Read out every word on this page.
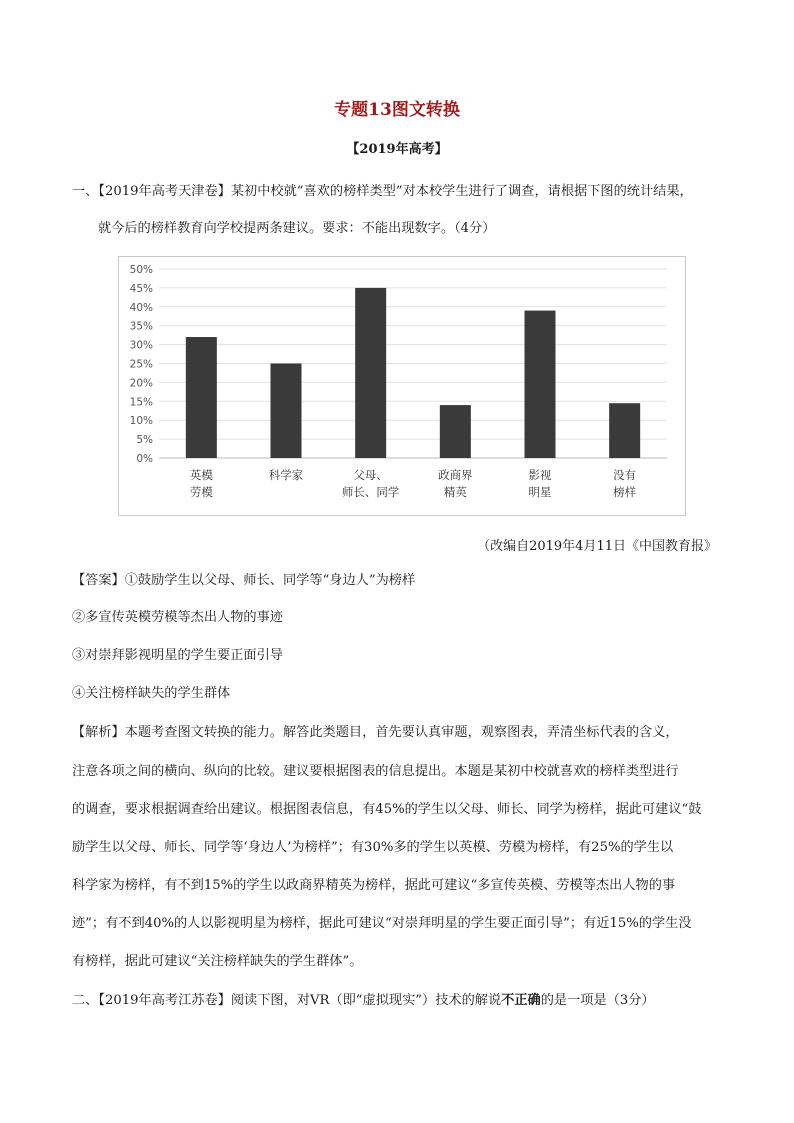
专题13图文转换
【2019年高考】
一、【2019年高考天津卷】某初中校就“喜欢的榜样类型”对本校学生进行了调查，请根据下图的统计结果，
就今后的榜样教育向学校提两条建议。要求：不能出现数字。（4分）
0%
5%
10%
15%
20%
25%
30%
35%
40%
45%
50%
英模
劳模
科学家	父母、
师长、同学
政商界
精英
影视
明星
没有
榜样
（改编自2019年4月11日《中国教育报》
【答案】①鼓励学生以父母、师长、同学等“身边人”为榜样
②多宣传英模劳模等杰出人物的事迹
③对崇拜影视明星的学生要正面引导
④关注榜样缺失的学生群体
【解析】本题考查图文转换的能力。解答此类题目，首先要认真审题，观察图表，弄清坐标代表的含义，
注意各项之间的横向、纵向的比较。建议要根据图表的信息提出。本题是某初中校就喜欢的榜样类型进行
的调查，要求根据调查给出建议。根据图表信息，有45%的学生以父母、师长、同学为榜样，据此可建议“鼓
励学生以父母、师长、同学等‘身边人’为榜样”；有30%多的学生以英模、劳模为榜样，有25%的学生以
科学家为榜样，有不到15%的学生以政商界精英为榜样，据此可建议“多宣传英模、劳模等杰出人物的事
迹”；有不到40%的人以影视明星为榜样，据此可建议“对崇拜明星的学生要正面引导”；有近15%的学生没
有榜样，据此可建议“关注榜样缺失的学生群体”。
二、【2019年高考江苏卷】阅读下图，对VR（即“虚拟现实”）技术的解说不正确的是一项是（3分）
